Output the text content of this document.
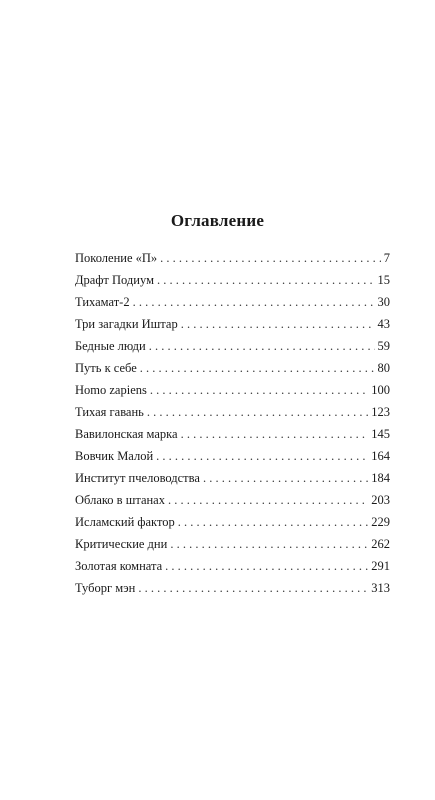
Оглавление
Поколение «П» . . .	7
Драфт Подиум . . .	15
Тихамат-2 . . .	30
Три загадки Иштар . . .	43
Бедные люди . . .	59
Путь к себе . . .	80
Homo zapiens . . .	100
Тихая гавань . . .	123
Вавилонская марка . . .	145
Вовчик Малой . . .	164
Институт пчеловодства . . .	184
Облако в штанах . . .	203
Исламский фактор . . .	229
Критические дни . . .	262
Золотая комната . . .	291
Туборг мэн . . .	313
